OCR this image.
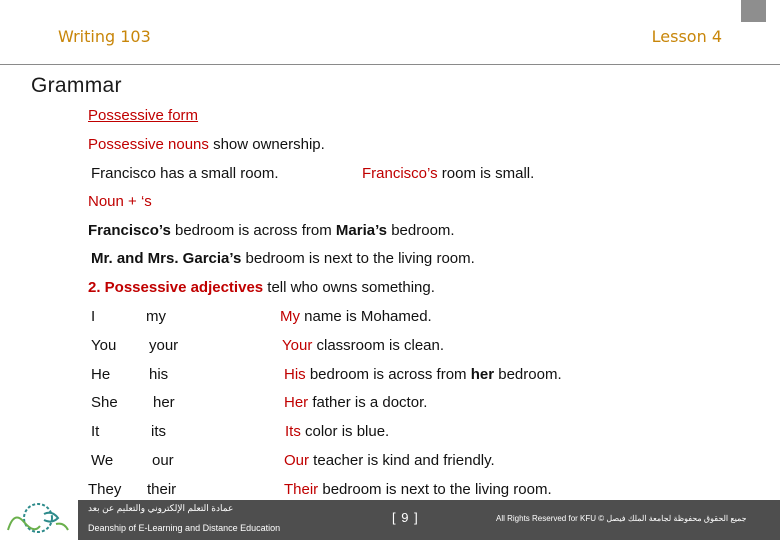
Writing 103	Lesson 4
Grammar
Possessive form
Possessive nouns show ownership.
Francisco has a small room.	Francisco’s room is small.
Noun + ‘s
Francisco’s bedroom is across from Maria’s bedroom.
Mr. and Mrs. Garcia’s bedroom is next to the living room.
2. Possessive adjectives tell who owns something.
I	my	My name is Mohamed.
You your	Your classroom is clean.
He	his	His bedroom is across from her bedroom.
She her	Her father is a doctor.
It	its	Its color is blue.
We	our	Our teacher is kind and friendly.
They their	Their bedroom is next to the living room.
عمادة التعلم الإلكتروني والتعليم عن بعد
Deanship of E-Learning and Distance Education
[ 9 ]	All Rights Reserved for KFU © جميع الحقوق محفوظة لجامعة الملك فيصل
